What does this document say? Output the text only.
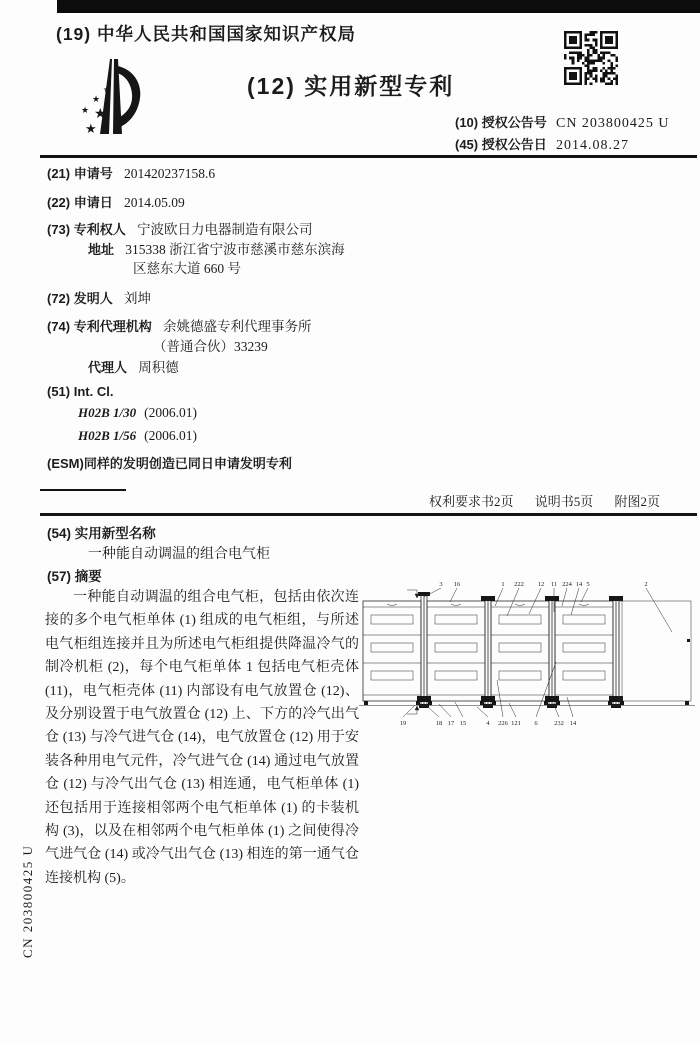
(19) 中华人民共和国国家知识产权局
★
★
★ ★
★
(12) 实用新型专利
(10) 授权公告号 CN 203800425 U
(45) 授权公告日 2014.08.27
(21) 申请号 201420237158.6
(22) 申请日 2014.05.09
(73) 专利权人 宁波欧日力电器制造有限公司
地址 315338 浙江省宁波市慈溪市慈东滨海
区慈东大道 660 号
(72) 发明人 刘坤
(74) 专利代理机构 余姚德盛专利代理事务所
（普通合伙）33239
代理人 周积德
(51) Int. Cl.
H02B 1/30 (2006.01)
H02B 1/56 (2006.01)
(ESM)同样的发明创造已同日申请发明专利
权利要求书2页 说明书5页 附图2页
(54) 实用新型名称
一种能自动调温的组合电气柜
(57) 摘要
一种能自动调温的组合电气柜，包括由依次连接的多个电气柜单体 (1) 组成的电气柜组，与所述电气柜组连接并且为所述电气柜组提供降温冷气的制冷机柜 (2)，每个电气柜单体 1 包括电气柜壳体 (11)，电气柜壳体 (11) 内部设有电气放置仓 (12)、及分别设置于电气放置仓 (12) 上、下方的冷气出气仓 (13) 与冷气进气仓 (14)，电气放置仓 (12) 用于安装各种用电气元件，冷气进气仓 (14) 通过电气放置仓 (12) 与冷气出气仓 (13) 相连通，电气柜单体 (1) 还包括用于连接相邻两个电气柜单体 (1) 的卡装机构 (3)，以及在相邻两个电气柜单体 (1) 之间使得冷气进气仓 (14) 或冷气出气仓 (13) 相连的第一通气仓连接机构 (5)。
3 16	1 222 12 11 224 14 5	2
19	18 17 15	4 226 121 6	232 14
CN 203800425 U
